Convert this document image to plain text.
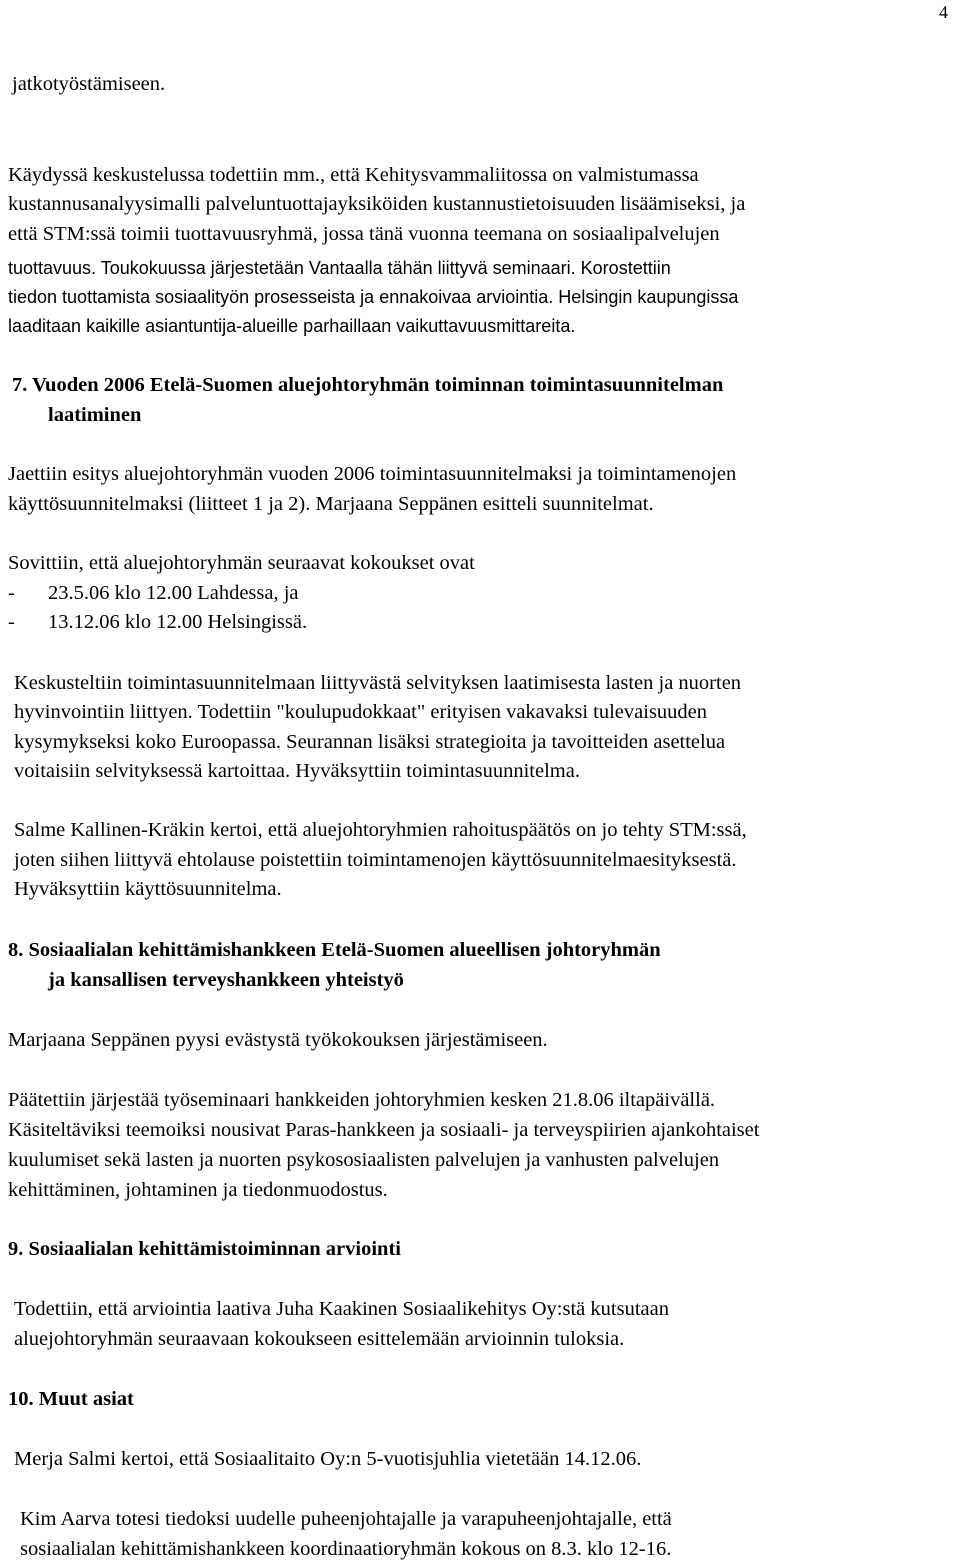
4
jatkotyöstämiseen.
Käydyssä keskustelussa todettiin mm., että Kehitysvammaliitossa on valmistumassa
kustannusanalyysimalli palveluntuottajayksiköiden kustannustietoisuuden lisäämiseksi, ja
että STM:ssä toimii tuottavuusryhmä, jossa tänä vuonna teemana on sosiaalipalvelujen
tuottavuus. Toukokuussa järjestetään Vantaalla tähän liittyvä seminaari. Korostettiin
tiedon tuottamista sosiaalityön prosesseista ja ennakoivaa arviointia. Helsingin kaupungissa
laaditaan kaikille asiantuntija-alueille parhaillaan vaikuttavuusmittareita.
7. Vuoden 2006 Etelä-Suomen aluejohtoryhmän toiminnan toimintasuunnitelman
laatiminen
Jaettiin esitys aluejohtoryhmän vuoden 2006 toimintasuunnitelmaksi ja toimintamenojen
käyttösuunnitelmaksi (liitteet 1 ja 2). Marjaana Seppänen esitteli suunnitelmat.
Sovittiin, että aluejohtoryhmän seuraavat kokoukset ovat
- 23.5.06 klo 12.00 Lahdessa, ja
- 13.12.06 klo 12.00 Helsingissä.
Keskusteltiin toimintasuunnitelmaan liittyvästä selvityksen laatimisesta lasten ja nuorten
hyvinvointiin liittyen. Todettiin "koulupudokkaat" erityisen vakavaksi tulevaisuuden
kysymykseksi koko Euroopassa. Seurannan lisäksi strategioita ja tavoitteiden asettelua
voitaisiin selvityksessä kartoittaa. Hyväksyttiin toimintasuunnitelma.
Salme Kallinen-Kräkin kertoi, että aluejohtoryhmien rahoituspäätös on jo tehty STM:ssä,
joten siihen liittyvä ehtolause poistettiin toimintamenojen käyttösuunnitelmaesityksestä.
Hyväksyttiin käyttösuunnitelma.
8. Sosiaalialan kehittämishankkeen Etelä-Suomen alueellisen johtoryhmän
ja kansallisen terveyshankkeen yhteistyö
Marjaana Seppänen pyysi evästystä työkokouksen järjestämiseen.
Päätettiin järjestää työseminaari hankkeiden johtoryhmien kesken 21.8.06 iltapäivällä.
Käsiteltäviksi teemoiksi nousivat Paras-hankkeen ja sosiaali- ja terveyspiirien ajankohtaiset
kuulumiset sekä lasten ja nuorten psykososiaalisten palvelujen ja vanhusten palvelujen
kehittäminen, johtaminen ja tiedonmuodostus.
9. Sosiaalialan kehittämistoiminnan arviointi
Todettiin, että arviointia laativa Juha Kaakinen Sosiaalikehitys Oy:stä kutsutaan
aluejohtoryhmän seuraavaan kokoukseen esittelemään arvioinnin tuloksia.
10. Muut asiat
Merja Salmi kertoi, että Sosiaalitaito Oy:n 5-vuotisjuhlia vietetään 14.12.06.
Kim Aarva totesi tiedoksi uudelle puheenjohtajalle ja varapuheenjohtajalle, että
sosiaalialan kehittämishankkeen koordinaatioryhmän kokous on 8.3. klo 12-16.
